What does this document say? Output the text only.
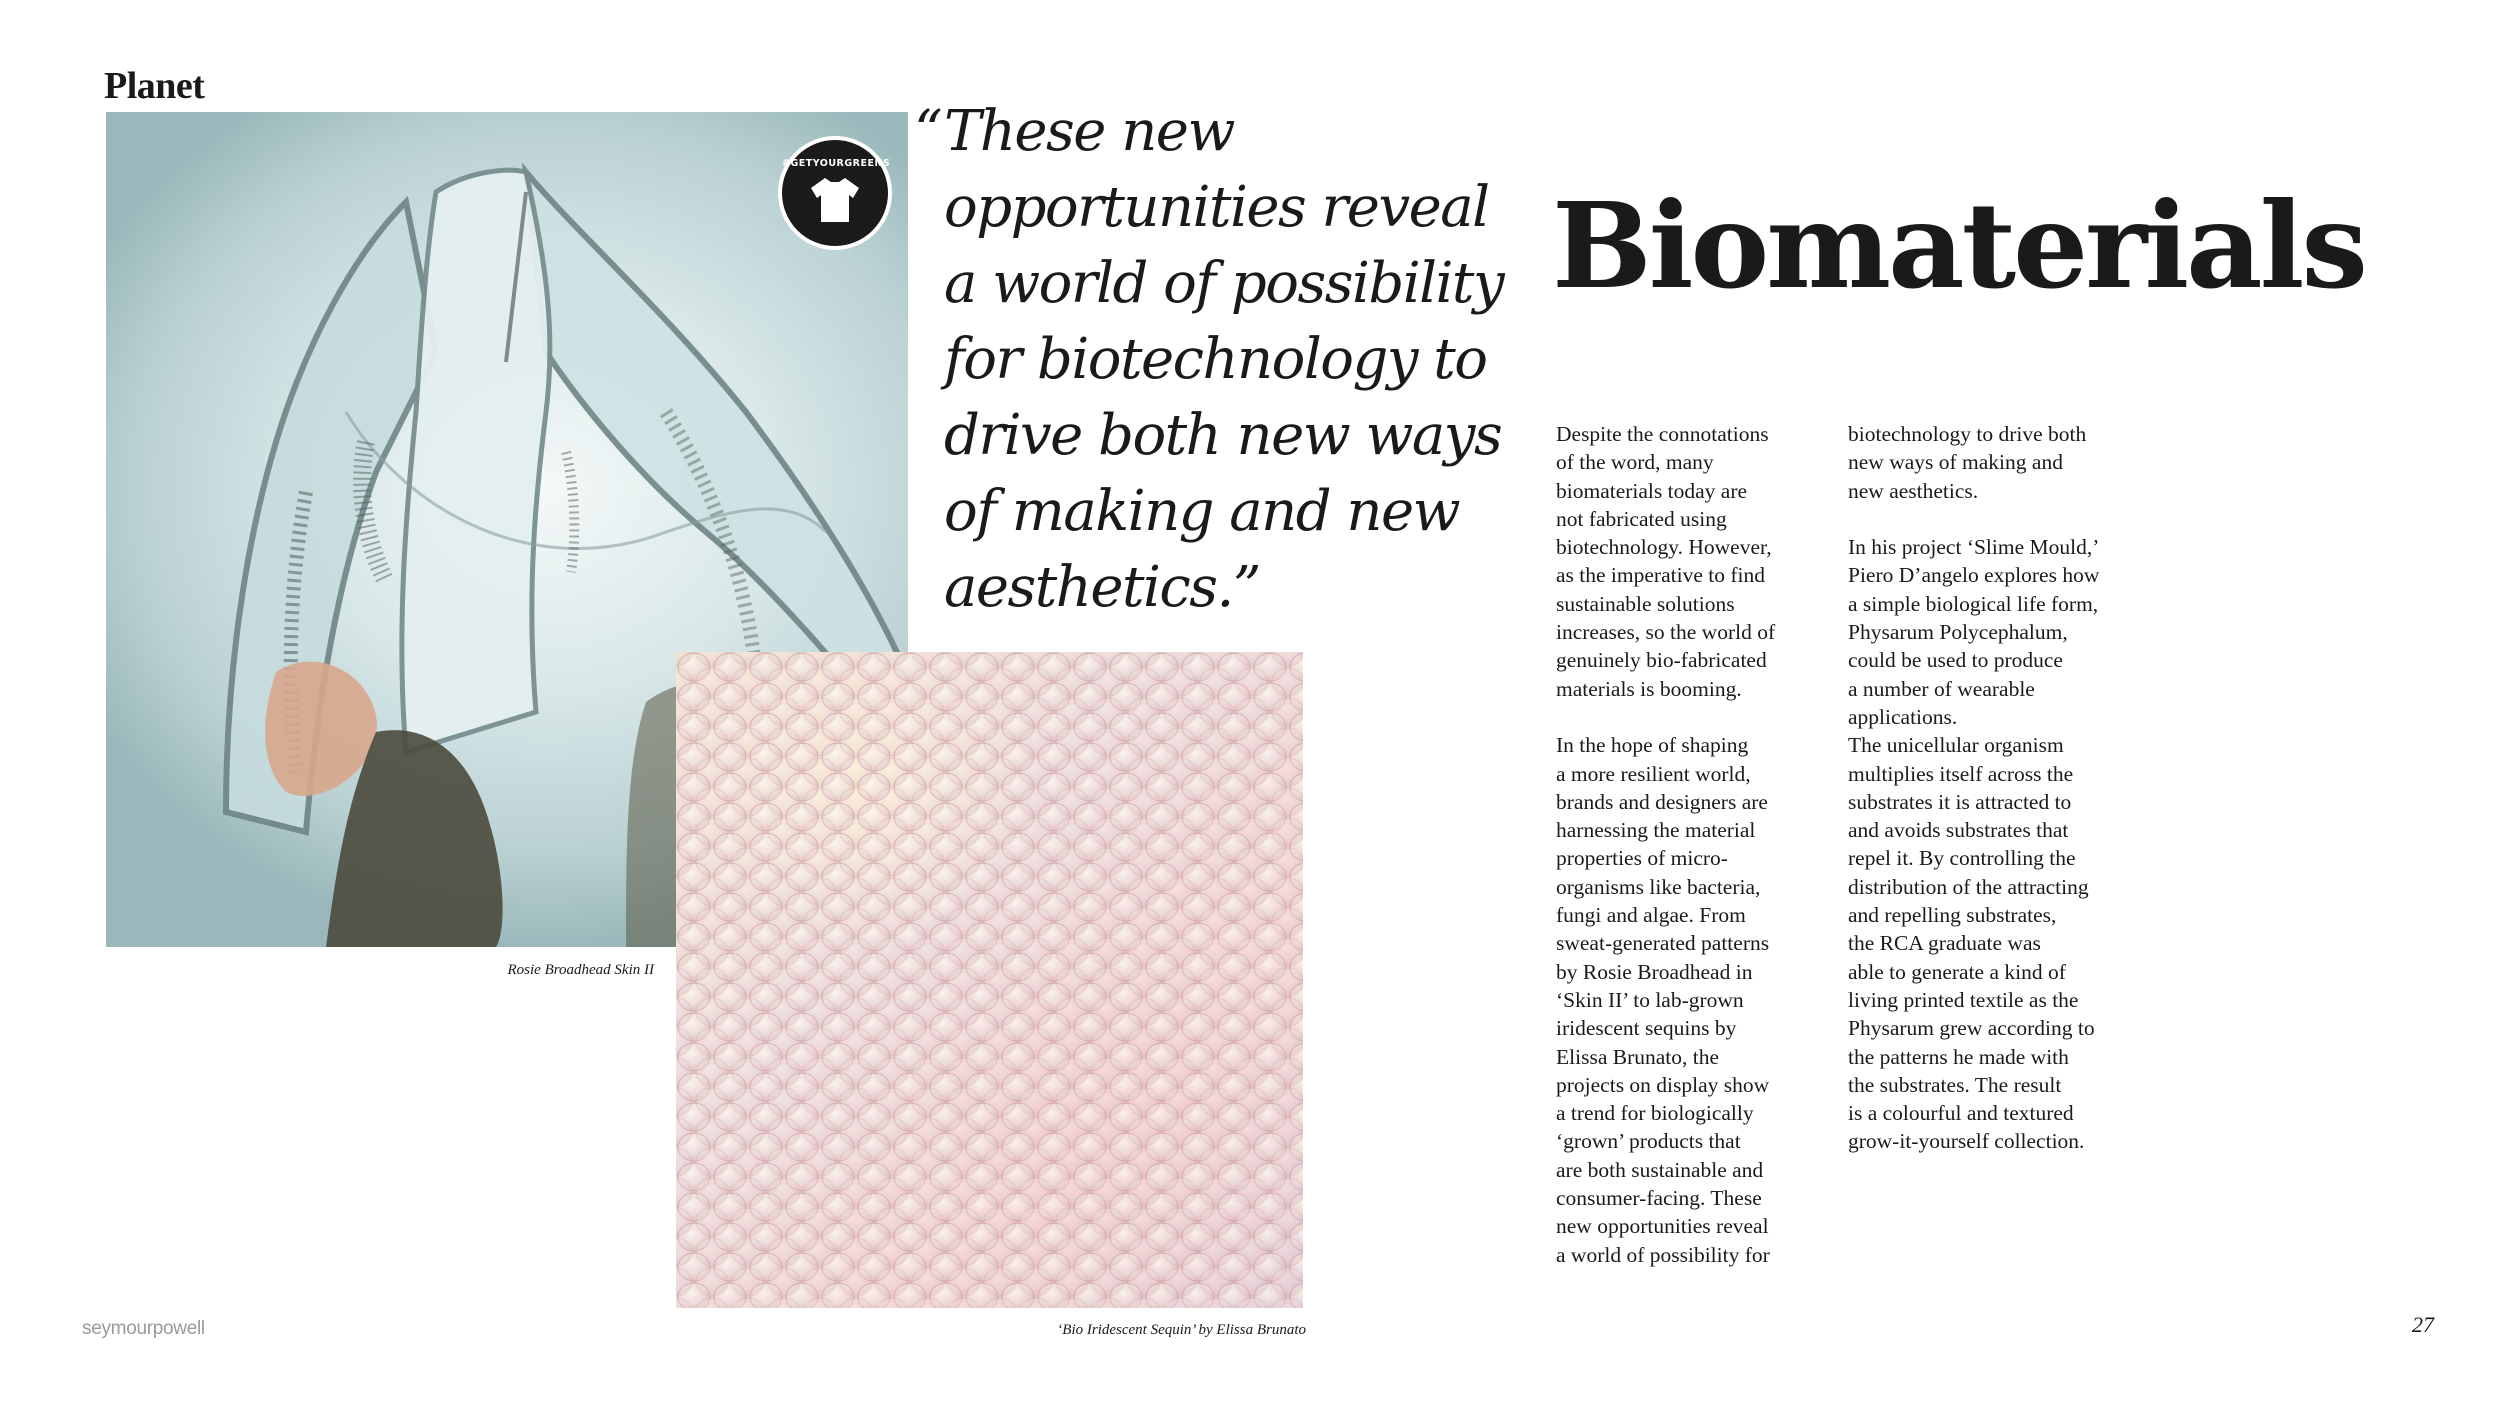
Planet
#GETYOURGREENS
Rosie Broadhead Skin II
‘Bio Iridescent Sequin’ by Elissa Brunato
“ These new
opportunities reveal
a world of possibility
for biotechnology to
drive both new ways
of making and new
aesthetics.”
Biomaterials
Despite the connotations
of the word, many
biomaterials today are
not fabricated using
biotechnology. However,
as the imperative to find
sustainable solutions
increases, so the world of
genuinely bio-fabricated
materials is booming.
In the hope of shaping
a more resilient world,
brands and designers are
harnessing the material
properties of micro-
organisms like bacteria,
fungi and algae. From
sweat-generated patterns
by Rosie Broadhead in
‘Skin II’ to lab-grown
iridescent sequins by
Elissa Brunato, the
projects on display show
a trend for biologically
‘grown’ products that
are both sustainable and
consumer-facing. These
new opportunities reveal
a world of possibility for
biotechnology to drive both
new ways of making and
new aesthetics.
In his project ‘Slime Mould,’
Piero D’angelo explores how
a simple biological life form,
Physarum Polycephalum,
could be used to produce
a number of wearable
applications.
The unicellular organism
multiplies itself across the
substrates it is attracted to
and avoids substrates that
repel it. By controlling the
distribution of the attracting
and repelling substrates,
the RCA graduate was
able to generate a kind of
living printed textile as the
Physarum grew according to
the patterns he made with
the substrates. The result
is a colourful and textured
grow-it-yourself collection.
seymourpowell	27
